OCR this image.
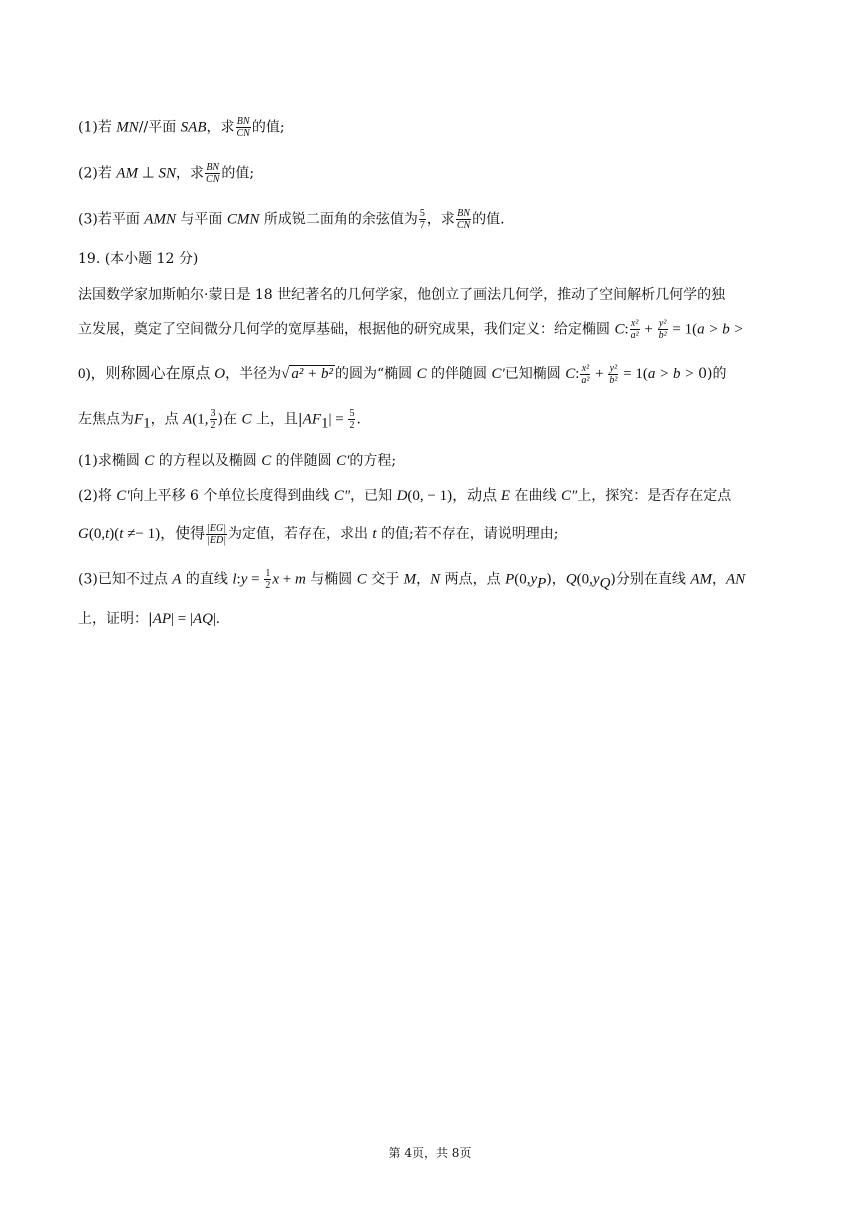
(1)若 MN//平面 SAB，求 $\frac{BN}{CN}$ 的值;
(2)若 AM ⊥ SN，求 $\frac{BN}{CN}$ 的值;
(3)若平面 AMN 与平面 CMN 所成锐二面角的余弦值为 $\frac{5}{7}$ ，求 $\frac{BN}{CN}$ 的值.
19. (本小题 12 分)
法国数学家加斯帕尔·蒙日是 18 世纪著名的几何学家，他创立了画法几何学，推动了空间解析几何学的独
立发展，奠定了空间微分几何学的宽厚基础，根据他的研究成果，我们定义：给定椭圆 C: $\frac{\text{x²}}{\text{a²}} + \frac{\text{y²}}{\text{b²}} = 1(a > b$ >
0)，则称圆心在原点 O，半径为√ a² + b² 的圆为“椭圆 C 的伴随圆 C′已知椭圆 C: $\frac{\text{x²}}{\text{a²}} + \frac{\text{y²}}{\text{b²}} = 1(a > b > 0)$的
左焦点为$F_1$，点 A(1, $\frac{3}{2}$ )在 C 上，且$|AF_1| = \frac{5}{2}$ .
(1)求椭圆 C 的方程以及椭圆 C 的伴随圆 C′的方程;
(2)将 C′向上平移 6 个单位长度得到曲线 C″，已知 D(0, − 1)，动点 E 在曲线 C″上，探究：是否存在定点
G(0,t)(t ≠− 1)，使得 $\frac{|EG|}{|ED|}$ 为定值，若存在，求出 t 的值;若不存在，请说明理由;
(3)已知不过点 A 的直线 l:y = $\frac{1}{2}$ x + m 与椭圆 C 交于 M，N 两点，点 $P(0,y_P)$，$Q(0,y_Q)$分别在直线 AM，AN
上，证明：|AP| = |AQ|.
第 4页，共 8页
